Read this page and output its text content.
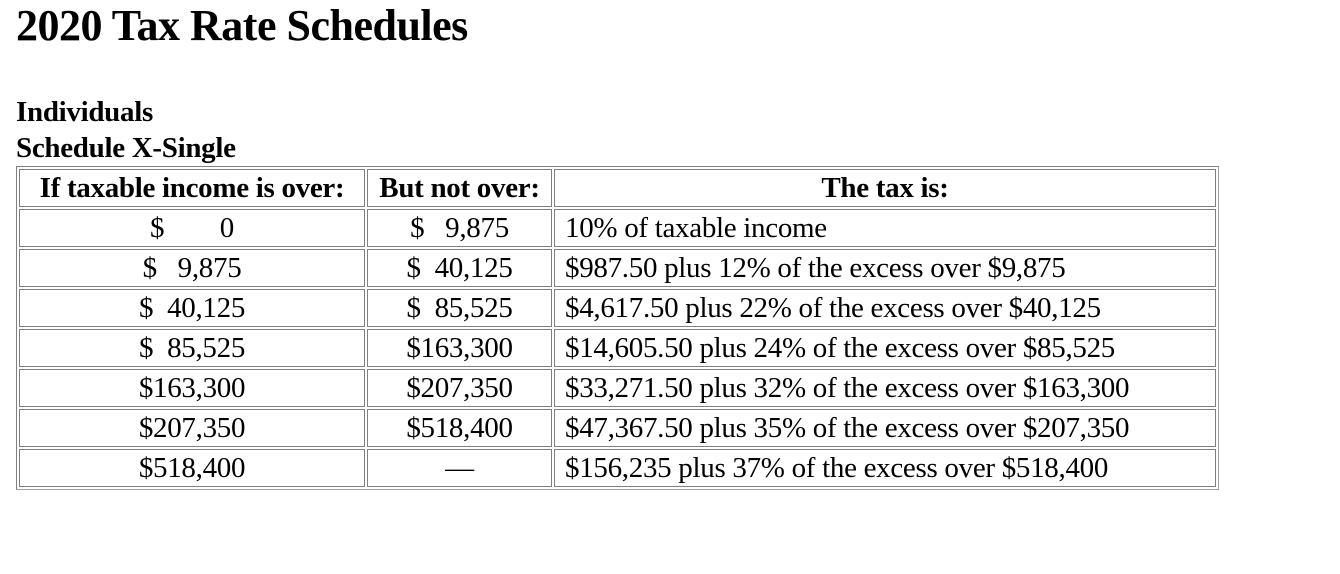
2020 Tax Rate Schedules
Individuals
Schedule X-Single
If taxable income is over:	But not over:	The tax is:
$        0	$   9,875	10% of taxable income
$   9,875	$  40,125	$987.50 plus 12% of the excess over $9,875
$  40,125	$  85,525	$4,617.50 plus 22% of the excess over $40,125
$  85,525	$163,300	$14,605.50 plus 24% of the excess over $85,525
$163,300	$207,350	$33,271.50 plus 32% of the excess over $163,300
$207,350	$518,400	$47,367.50 plus 35% of the excess over $207,350
$518,400	—	$156,235 plus 37% of the excess over $518,400
